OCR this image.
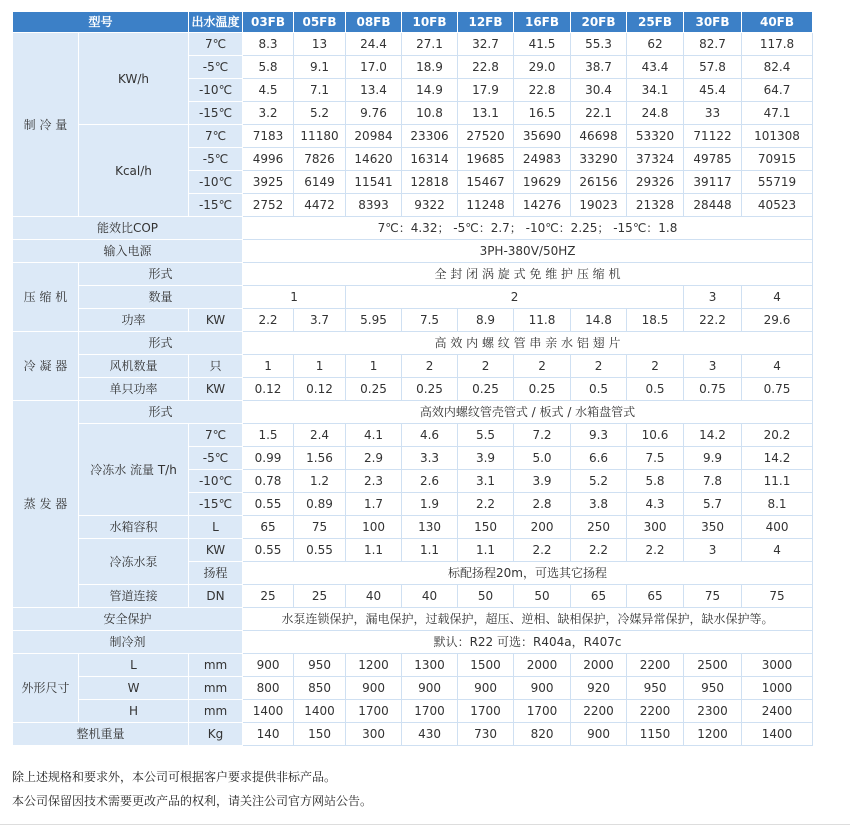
型号		出水温度	03FB	05FB	08FB	10FB	12FB	16FB	20FB	25FB	30FB	40FB
制 冷 量	KW/h	7℃	8.3	13	24.4	27.1	32.7	41.5	55.3	62	82.7	117.8
		-5℃	5.8	9.1	17.0	18.9	22.8	29.0	38.7	43.4	57.8	82.4
		-10℃	4.5	7.1	13.4	14.9	17.9	22.8	30.4	34.1	45.4	64.7
		-15℃	3.2	5.2	9.76	10.8	13.1	16.5	22.1	24.8	33	47.1
	Kcal/h	7℃	7183	11180	20984	23306	27520	35690	46698	53320	71122	101308
		-5℃	4996	7826	14620	16314	19685	24983	33290	37324	49785	70915
		-10℃	3925	6149	11541	12818	15467	19629	26156	29326	39117	55719
		-15℃	2752	4472	8393	9322	11248	14276	19023	21328	28448	40523
能效比COP			7℃：4.32； -5℃：2.7； -10℃：2.25； -15℃：1.8									
输入电源			3PH-380V/50HZ									
压 缩 机	形式		全 封 闭 涡 旋 式 免 维 护 压 缩 机									
	数量		1		2						3	4
	功率	KW	2.2	3.7	5.95	7.5	8.9	11.8	14.8	18.5	22.2	29.6
冷 凝 器	形式		高 效 内 螺 纹 管 串 亲 水 铝 翅 片									
	风机数量	只	1	1	1	2	2	2	2	2	3	4
	单只功率	KW	0.12	0.12	0.25	0.25	0.25	0.25	0.5	0.5	0.75	0.75
蒸 发 器	形式		高效内螺纹管壳管式 / 板式 / 水箱盘管式									
	冷冻水 流量 T/h	7℃	1.5	2.4	4.1	4.6	5.5	7.2	9.3	10.6	14.2	20.2
		-5℃	0.99	1.56	2.9	3.3	3.9	5.0	6.6	7.5	9.9	14.2
		-10℃	0.78	1.2	2.3	2.6	3.1	3.9	5.2	5.8	7.8	11.1
		-15℃	0.55	0.89	1.7	1.9	2.2	2.8	3.8	4.3	5.7	8.1
	水箱容积	L	65	75	100	130	150	200	250	300	350	400
	冷冻水泵	KW	0.55	0.55	1.1	1.1	1.1	2.2	2.2	2.2	3	4
		扬程	标配扬程20m，可选其它扬程									
	管道连接	DN	25	25	40	40	50	50	65	65	75	75
安全保护			水泵连锁保护，漏电保护，过载保护，超压、逆相、缺相保护，冷媒异常保护，缺水保护等。									
制冷剂			默认：R22 可选：R404a，R407c									
外形尺寸	L	mm	900	950	1200	1300	1500	2000	2000	2200	2500	3000
	W	mm	800	850	900	900	900	900	920	950	950	1000
	H	mm	1400	1400	1700	1700	1700	1700	2200	2200	2300	2400
整机重量		Kg	140	150	300	430	730	820	900	1150	1200	1400
除上述规格和要求外，本公司可根据客户要求提供非标产品。
本公司保留因技术需要更改产品的权利，请关注公司官方网站公告。
